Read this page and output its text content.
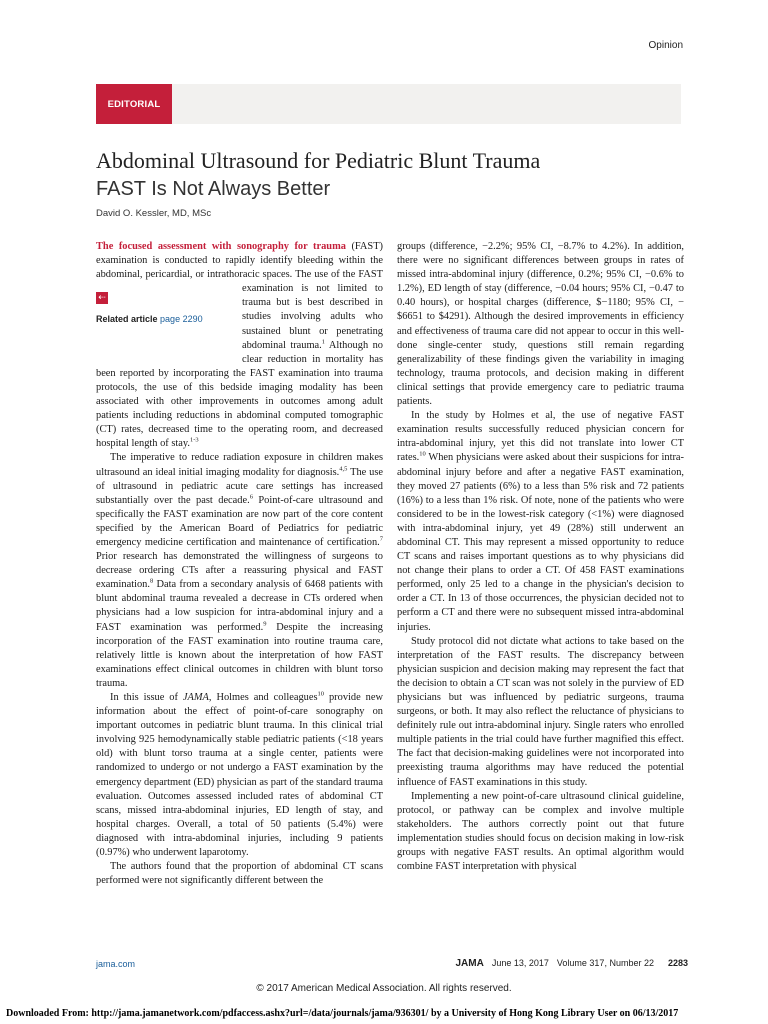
Opinion
EDITORIAL
Abdominal Ultrasound for Pediatric Blunt Trauma
FAST Is Not Always Better
David O. Kessler, MD, MSc

The focused assessment with sonography for trauma (FAST) examination is conducted to rapidly identify bleeding within the abdominal, pericardial, or intrathoracic spaces. The use of
⇠
Related article page 2290
the FAST examination is not limited to trauma but is best described in studies involving adults who sustained blunt or penetrating abdominal trauma.$^1$ Although no clear reduction in mortality has been reported by incorporating the FAST examination into trauma protocols, the use of this bedside imaging modality has been associated with other improvements in outcomes among adult patients including reductions in abdominal computed tomographic (CT) rates, decreased time to the operating room, and decreased hospital length of stay.$^{1-3}$

The imperative to reduce radiation exposure in children makes ultrasound an ideal initial imaging modality for diagnosis.$^{4,5}$ The use of ultrasound in pediatric acute care settings has increased substantially over the past decade.$^6$ Point-of-care ultrasound and specifically the FAST examination are now part of the core content specified by the American Board of Pediatrics for pediatric emergency medicine certification and maintenance of certification.$^7$ Prior research has demonstrated the willingness of surgeons to decrease ordering CTs after a reassuring physical and FAST examination.$^8$ Data from a secondary analysis of 6468 patients with blunt abdominal trauma revealed a decrease in CTs ordered when physicians had a low suspicion for intra-abdominal injury and a FAST examination was performed.$^9$ Despite the increasing incorporation of the FAST examination into routine trauma care, relatively little is known about the interpretation of how FAST examinations effect clinical outcomes in children with blunt torso trauma.

In this issue of JAMA, Holmes and colleagues$^{10}$ provide new information about the effect of point-of-care sonography on important outcomes in pediatric blunt trauma. In this clinical trial involving 925 hemodynamically stable pediatric patients (<18 years old) with blunt torso trauma at a single center, patients were randomized to undergo or not undergo a FAST examination by the emergency department (ED) physician as part of the standard trauma evaluation. Outcomes assessed included rates of abdominal CT scans, missed intra-abdominal injuries, ED length of stay, and hospital charges. Overall, a total of 50 patients (5.4%) were diagnosed with intra-abdominal injuries, including 9 patients (0.97%) who underwent laparotomy.

The authors found that the proportion of abdominal CT scans performed were not significantly different between the

groups (difference, −2.2%; 95% CI, −8.7% to 4.2%). In addition, there were no significant differences between groups in rates of missed intra-abdominal injury (difference, 0.2%; 95% CI, −0.6% to 1.2%), ED length of stay (difference, −0.04 hours; 95% CI, −0.47 to 0.40 hours), or hospital charges (difference, $−1180; 95% CI, −$6651 to $4291). Although the desired improvements in efficiency and effectiveness of trauma care did not appear to occur in this well-done single-center study, questions still remain regarding generalizability of these findings given the variability in imaging technology, trauma protocols, and decision making in different clinical settings that provide emergency care to pediatric trauma patients.

In the study by Holmes et al, the use of negative FAST examination results successfully reduced physician concern for intra-abdominal injury, yet this did not translate into lower CT rates.$^{10}$ When physicians were asked about their suspicions for intra-abdominal injury before and after a negative FAST examination, they moved 27 patients (6%) to a less than 5% risk and 72 patients (16%) to a less than 1% risk. Of note, none of the patients who were considered to be in the lowest-risk category (<1%) were diagnosed with intra-abdominal injury, yet 49 (28%) still underwent an abdominal CT. This may represent a missed opportunity to reduce CT scans and raises important questions as to why physicians did not change their plans to order a CT. Of 458 FAST examinations performed, only 25 led to a change in the physician's decision to order a CT. In 13 of those occurrences, the physician decided not to perform a CT and there were no subsequent missed intra-abdominal injuries.

Study protocol did not dictate what actions to take based on the interpretation of the FAST results. The discrepancy between physician suspicion and decision making may represent the fact that the decision to obtain a CT scan was not solely in the purview of ED physicians but was influenced by pediatric surgeons, trauma surgeons, or both. It may also reflect the reluctance of physicians to definitely rule out intra-abdominal injury. Single raters who enrolled multiple patients in the trial could have further magnified this effect. The fact that decision-making guidelines were not incorporated into preexisting trauma algorithms may have reduced the potential influence of FAST examinations in this study.

Implementing a new point-of-care ultrasound clinical guideline, protocol, or pathway can be complex and involve multiple stakeholders. The authors correctly point out that future implementation studies should focus on decision making in low-risk groups with negative FAST results. An optimal algorithm would combine FAST interpretation with physical

jama.com	JAMA June 13, 2017 Volume 317, Number 22 2283
© 2017 American Medical Association. All rights reserved.
Downloaded From: http://jama.jamanetwork.com/pdfaccess.ashx?url=/data/journals/jama/936301/ by a University of Hong Kong Library User on 06/13/2017
